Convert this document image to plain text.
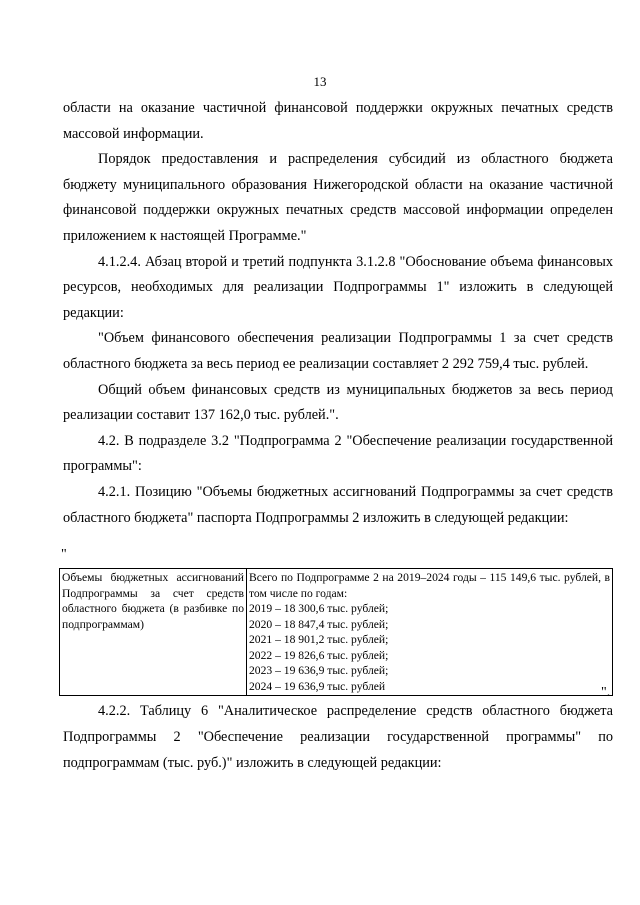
13

области на оказание частичной финансовой поддержки окружных печатных средств массовой информации.

Порядок предоставления и распределения субсидий из областного бюджета бюджету муниципального образования Нижегородской области на оказание частичной финансовой поддержки окружных печатных средств массовой информации определен приложением к настоящей Программе."

4.1.2.4. Абзац второй и третий подпункта 3.1.2.8 "Обоснование объема финансовых ресурсов, необходимых для реализации Подпрограммы 1" изложить в следующей редакции:

"Объем финансового обеспечения реализации Подпрограммы 1 за счет средств областного бюджета за весь период ее реализации составляет 2 292 759,4 тыс. рублей.

Общий объем финансовых средств из муниципальных бюджетов за весь период реализации составит 137 162,0 тыс. рублей.".

4.2. В подразделе 3.2 "Подпрограмма 2 "Обеспечение реализации государственной программы":

4.2.1. Позицию "Объемы бюджетных ассигнований Подпрограммы за счет средств областного бюджета" паспорта Подпрограммы 2 изложить в следующей редакции:

"
Объемы бюджетных ассигнований Подпрограммы за счет средств областного бюджета (в разбивке по подпрограммам)	
Всего по Подпрограмме 2 на 2019–2024 годы – 115 149,6 тыс. рублей, в том числе по годам:
2019 – 18 300,6 тыс. рублей;
2020 – 18 847,4 тыс. рублей;
2021 – 18 901,2 тыс. рублей;
2022 – 19 826,6 тыс. рублей;
2023 – 19 636,9 тыс. рублей;
2024 – 19 636,9 тыс. рублей	".

4.2.2. Таблицу 6 "Аналитическое распределение средств областного бюджета Подпрограммы 2 "Обеспечение реализации государственной программы" по подпрограммам (тыс. руб.)" изложить в следующей редакции:
